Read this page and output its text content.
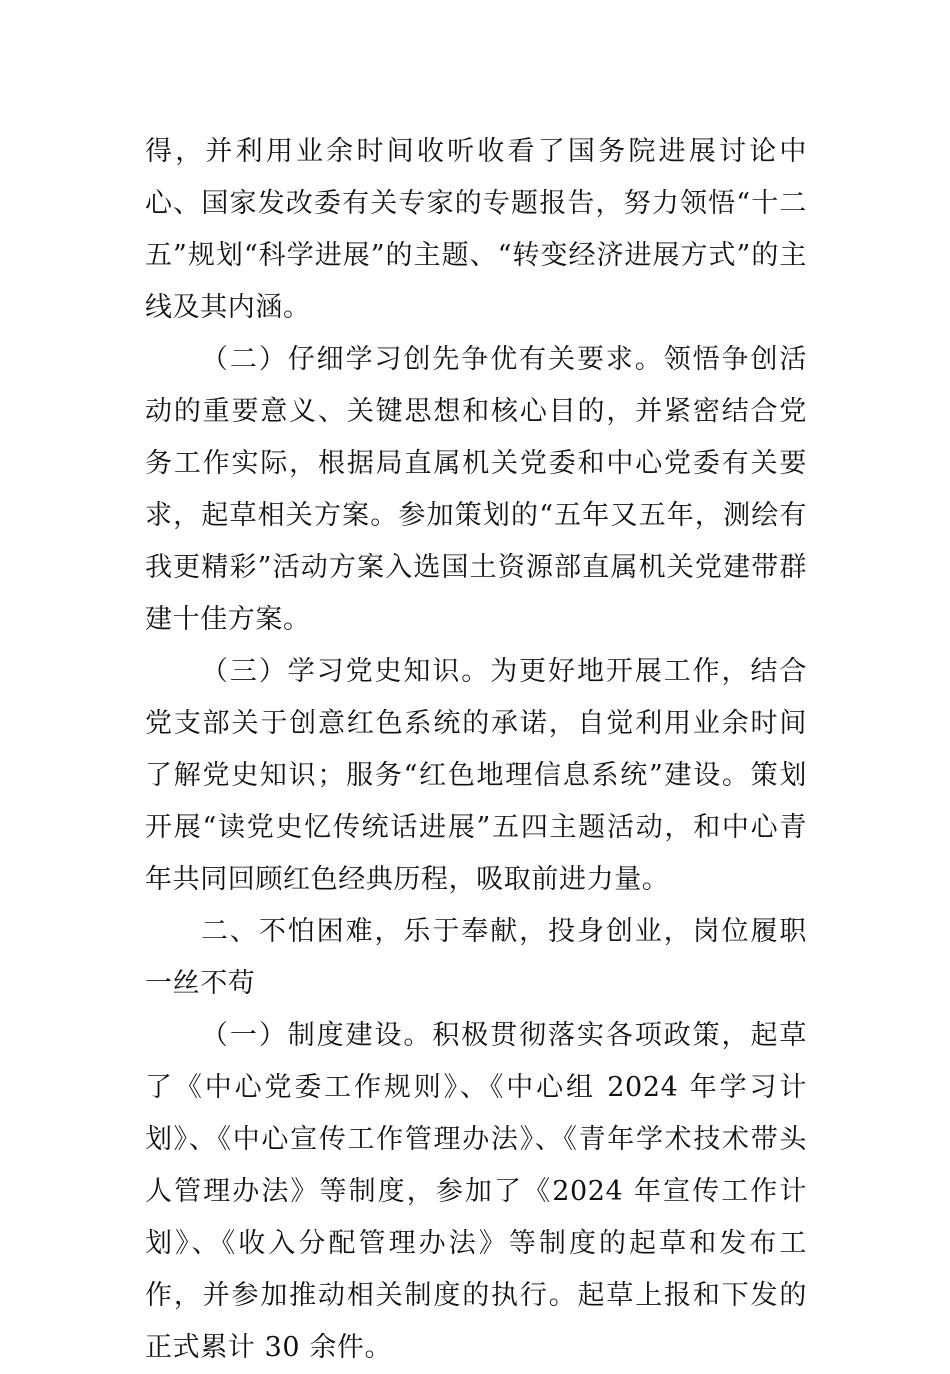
得，并利用业余时间收听收看了国务院进展讨论中心、国家发改委有关专家的专题报告，努力领悟“十二五”规划“科学进展”的主题、“转变经济进展方式”的主线及其内涵。

（二）仔细学习创先争优有关要求。领悟争创活动的重要意义、关键思想和核心目的，并紧密结合党务工作实际，根据局直属机关党委和中心党委有关要求，起草相关方案。参加策划的“五年又五年，测绘有我更精彩”活动方案入选国土资源部直属机关党建带群建十佳方案。

（三）学习党史知识。为更好地开展工作，结合党支部关于创意红色系统的承诺，自觉利用业余时间了解党史知识；服务“红色地理信息系统”建设。策划开展“读党史忆传统话进展”五四主题活动，和中心青年共同回顾红色经典历程，吸取前进力量。

二、不怕困难，乐于奉献，投身创业，岗位履职一丝不苟

（一）制度建设。积极贯彻落实各项政策，起草了《中心党委工作规则》、《中心组 2024 年学习计划》、《中心宣传工作管理办法》、《青年学术技术带头人管理办法》等制度，参加了《2024 年宣传工作计划》、《收入分配管理办法》等制度的起草和发布工作，并参加推动相关制度的执行。起草上报和下发的正式累计 30 余件。
